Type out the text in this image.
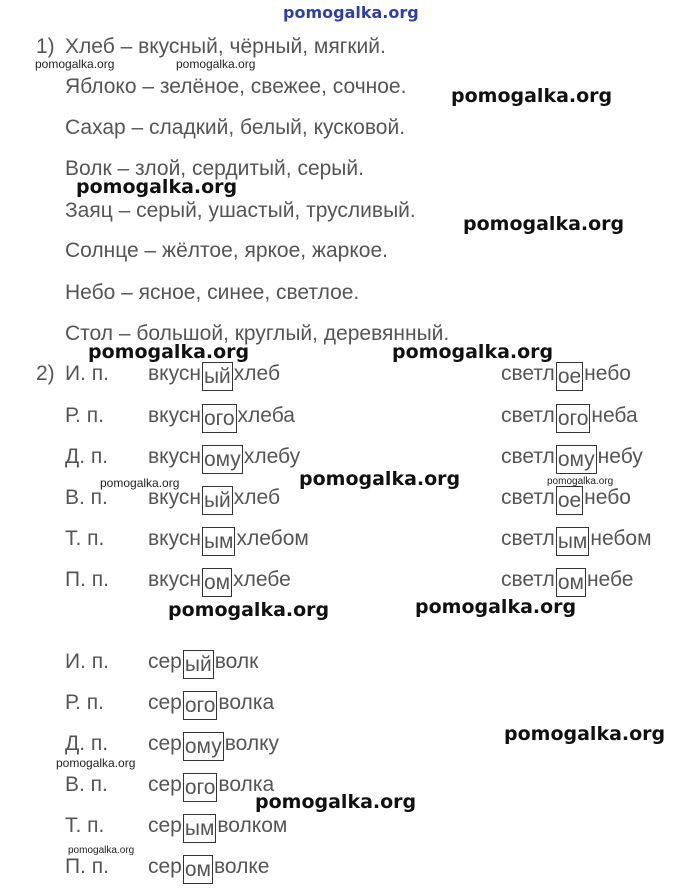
pomogalka.org
1) Хлеб – вкусный, чёрный, мягкий.
Яблоко – зелёное, свежее, сочное.
Сахар – сладкий, белый, кусковой.
Волк – злой, сердитый, серый.
Заяц – серый, ушастый, трусливый.
Солнце – жёлтое, яркое, жаркое.
Небо – ясное, синее, светлое.
Стол – большой, круглый, деревянный.
2) И. п. вкусн ый хлеб	светл ое небо
Р. п. вкусн ого хлеба	светл ого неба
Д. п. вкусн ому хлебу	светл ому небу
В. п. вкусн ый хлеб	светл ое небо
Т. п. вкусн ым хлебом	светл ым небом
П. п. вкусн ом хлебе	светл ом небе
И. п. сер ый волк
Р. п. сер ого волка
Д. п. сер ому волку
В. п. сер ого волка
Т. п. сер ым волком
П. п. сер ом волке
pomogalka.org	pomogalka.org
pomogalka.org
pomogalka.org
pomogalka.org
pomogalka.org	pomogalka.org
pomogalka.org	pomogalka.org	pomogalka.org
pomogalka.org	pomogalka.org
pomogalka.org
pomogalka.org
pomogalka.org
pomogalka.org
